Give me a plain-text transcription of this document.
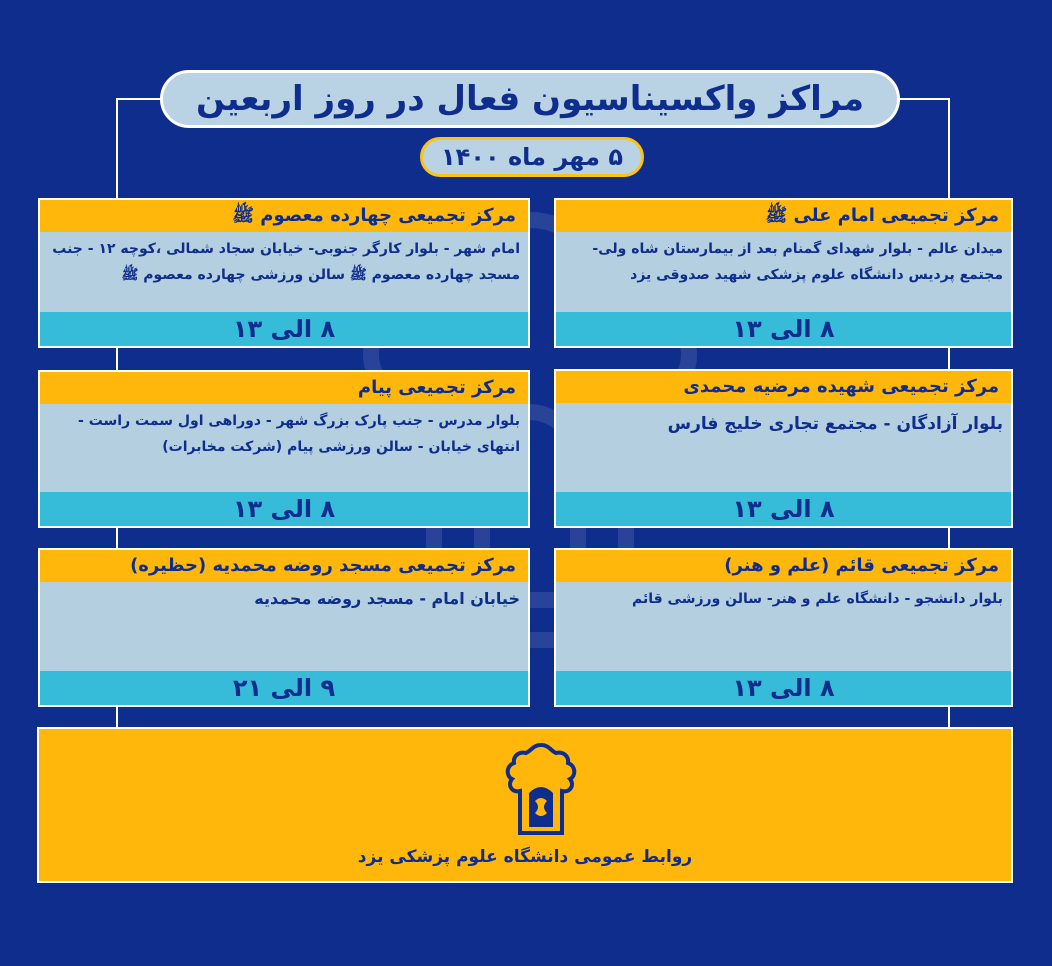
مراکز واکسیناسیون فعال در روز اربعین
۵ مهر ماه ۱۴۰۰
مرکز تجمیعی امام علی ﷺ
میدان عالم - بلوار شهدای گمنام بعد از بیمارستان شاه ولی- مجتمع پردیس دانشگاه علوم پزشکی شهید صدوقی یزد
۸ الی ۱۳
مرکز تجمیعی چهارده معصوم ﷺ
امام شهر - بلوار کارگر جنوبی- خیابان سجاد شمالی ،کوچه ۱۲ - جنب مسجد چهارده معصوم ﷺ سالن ورزشی چهارده معصوم ﷺ
۸ الی ۱۳
مرکز تجمیعی شهیده مرضیه محمدی
بلوار آزادگان - مجتمع تجاری خلیج فارس
۸ الی ۱۳
مرکز تجمیعی پیام
بلوار مدرس - جنب پارک بزرگ شهر - دوراهی اول سمت راست - انتهای خیابان - سالن ورزشی پیام (شرکت مخابرات)
۸ الی ۱۳
مرکز تجمیعی قائم (علم و هنر)
بلوار دانشجو - دانشگاه علم و هنر- سالن ورزشی قائم
۸ الی ۱۳
مرکز تجمیعی مسجد روضه محمدیه (حظیره)
خیابان امام - مسجد روضه محمدیه
۹ الی ۲۱
روابط عمومی دانشگاه علوم پزشکی یزد
